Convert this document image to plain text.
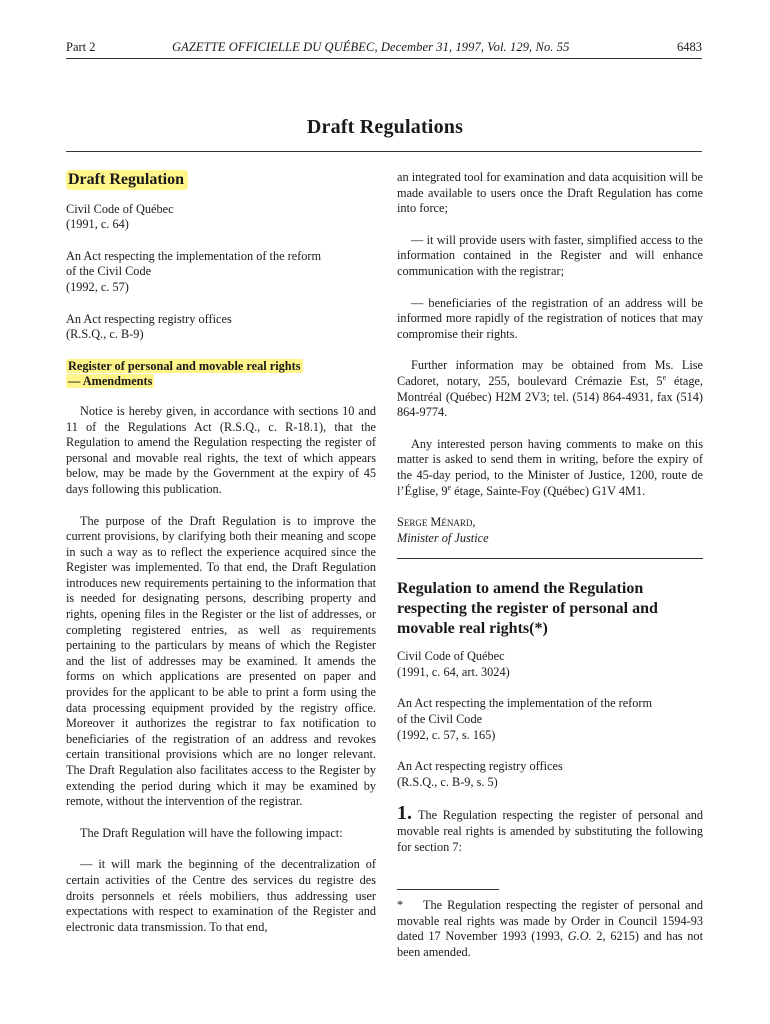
Part 2	GAZETTE OFFICIELLE DU QUÉBEC, December 31, 1997, Vol. 129, No. 55	6483
Draft Regulations
Draft Regulation

Civil Code of Québec
(1991, c. 64)

An Act respecting the implementation of the reform
of the Civil Code
(1992, c. 57)

An Act respecting registry offices
(R.S.Q., c. B-9)

Register of personal and movable real rights
— Amendments

Notice is hereby given, in accordance with sections 10 and 11 of the Regulations Act (R.S.Q., c. R-18.1), that the Regulation to amend the Regulation respecting the register of personal and movable real rights, the text of which appears below, may be made by the Government at the expiry of 45 days following this publication.

The purpose of the Draft Regulation is to improve the current provisions, by clarifying both their meaning and scope in such a way as to reflect the experience acquired since the Register was implemented. To that end, the Draft Regulation introduces new requirements pertaining to the information that is needed for designating persons, describing property and rights, opening files in the Register or the list of addresses, or completing registered entries, as well as requirements pertaining to the particulars by means of which the Register and the list of addresses may be examined. It amends the forms on which applications are presented on paper and provides for the applicant to be able to print a form using the data processing equipment provided by the registry office. Moreover it authorizes the registrar to fax notification to beneficiaries of the registration of an address and revokes certain transitional provisions which are no longer relevant. The Draft Regulation also facilitates access to the Register by extending the period during which it may be examined by remote, without the intervention of the registrar.

The Draft Regulation will have the following impact:

— it will mark the beginning of the decentralization of certain activities of the Centre des services du registre des droits personnels et réels mobiliers, thus addressing user expectations with respect to examination of the Register and electronic data transmission. To that end,

an integrated tool for examination and data acquisition will be made available to users once the Draft Regulation has come into force;

— it will provide users with faster, simplified access to the information contained in the Register and will enhance communication with the registrar;

— beneficiaries of the registration of an address will be informed more rapidly of the registration of notices that may compromise their rights.

Further information may be obtained from Ms. Lise Cadoret, notary, 255, boulevard Crémazie Est, 5e étage, Montréal (Québec) H2M 2V3; tel. (514) 864-4931, fax (514) 864-9774.

Any interested person having comments to make on this matter is asked to send them in writing, before the expiry of the 45-day period, to the Minister of Justice, 1200, route de l’Église, 9e étage, Sainte-Foy (Québec) G1V 4M1.

Serge Ménard,
Minister of Justice

Regulation to amend the Regulation respecting the register of personal and movable real rights(*)

Civil Code of Québec
(1991, c. 64, art. 3024)

An Act respecting the implementation of the reform
of the Civil Code
(1992, c. 57, s. 165)

An Act respecting registry offices
(R.S.Q., c. B-9, s. 5)

1. The Regulation respecting the register of personal and movable real rights is amended by substituting the following for section 7:

* The Regulation respecting the register of personal and movable real rights was made by Order in Council 1594-93 dated 17 November 1993 (1993, G.O. 2, 6215) and has not been amended.
